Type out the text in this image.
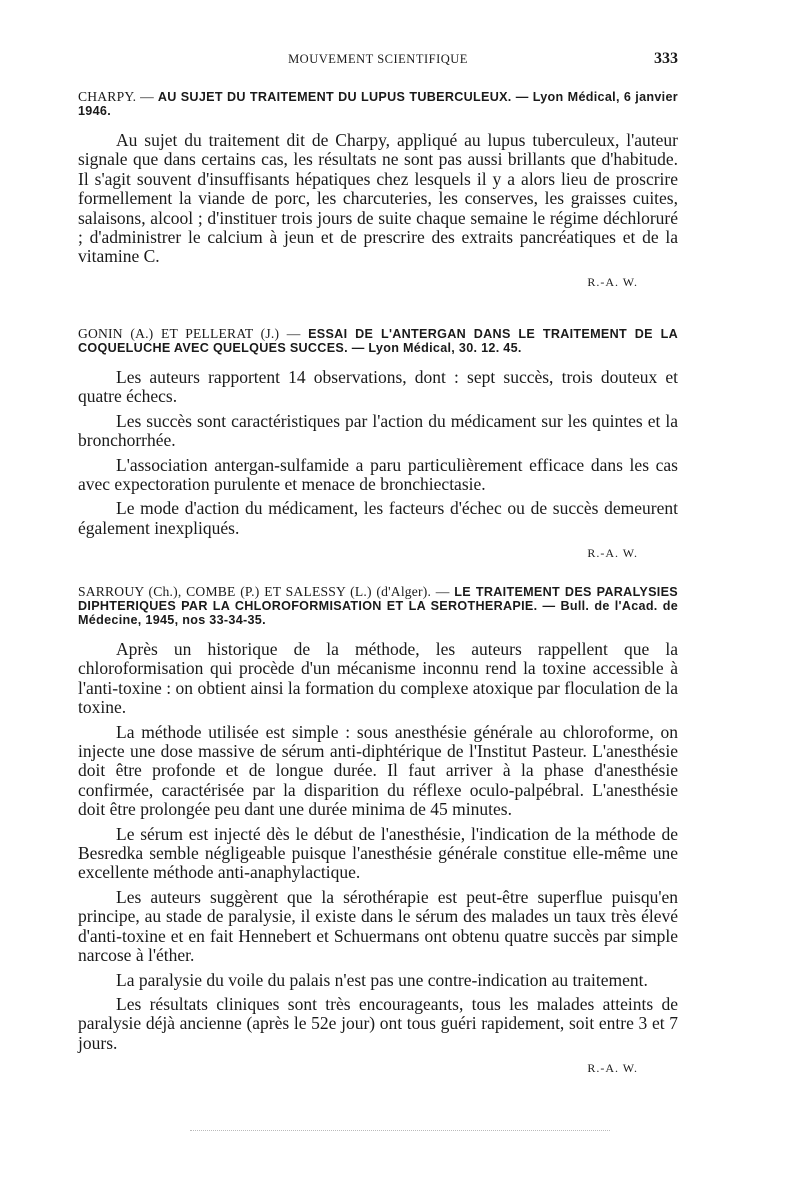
MOUVEMENT SCIENTIFIQUE	333
CHARPY. — AU SUJET DU TRAITEMENT DU LUPUS TUBERCULEUX. — Lyon Médical, 6 janvier 1946.

Au sujet du traitement dit de Charpy, appliqué au lupus tuberculeux, l'auteur signale que dans certains cas, les résultats ne sont pas aussi brillants que d'habitude. Il s'agit souvent d'insuffisants hépatiques chez lesquels il y a alors lieu de proscrire formellement la viande de porc, les charcuteries, les conserves, les graisses cuites, salaisons, alcool ; d'instituer trois jours de suite chaque semaine le régime déchloruré ; d'administrer le calcium à jeun et de prescrire des extraits pancréatiques et de la vitamine C.

R.-A. W.
GONIN (A.) ET PELLERAT (J.) — ESSAI DE L'ANTERGAN DANS LE TRAITEMENT DE LA COQUELUCHE AVEC QUELQUES SUCCES. — Lyon Médical, 30. 12. 45.

Les auteurs rapportent 14 observations, dont : sept succès, trois douteux et quatre échecs.

Les succès sont caractéristiques par l'action du médicament sur les quintes et la bronchorrhée.

L'association antergan-sulfamide a paru particulièrement efficace dans les cas avec expectoration purulente et menace de bronchiectasie.

Le mode d'action du médicament, les facteurs d'échec ou de succès demeurent également inexpliqués.

R.-A. W.
SARROUY (Ch.), COMBE (P.) ET SALESSY (L.) (d'Alger). — LE TRAITEMENT DES PARALYSIES DIPHTERIQUES PAR LA CHLOROFORMISATION ET LA SEROTHERAPIE. — Bull. de l'Acad. de Médecine, 1945, nos 33-34-35.

Après un historique de la méthode, les auteurs rappellent que la chloroformisation qui procède d'un mécanisme inconnu rend la toxine accessible à l'anti-toxine : on obtient ainsi la formation du complexe atoxique par floculation de la toxine.

La méthode utilisée est simple : sous anesthésie générale au chloroforme, on injecte une dose massive de sérum anti-diphtérique de l'Institut Pasteur. L'anesthésie doit être profonde et de longue durée. Il faut arriver à la phase d'anesthésie confirmée, caractérisée par la disparition du réflexe oculo-palpébral. L'anesthésie doit être prolongée peu dant une durée minima de 45 minutes.

Le sérum est injecté dès le début de l'anesthésie, l'indication de la méthode de Besredka semble négligeable puisque l'anesthésie générale constitue elle-même une excellente méthode anti-anaphylactique.

Les auteurs suggèrent que la sérothérapie est peut-être superflue puisqu'en principe, au stade de paralysie, il existe dans le sérum des malades un taux très élevé d'anti-toxine et en fait Hennebert et Schuermans ont obtenu quatre succès par simple narcose à l'éther.

La paralysie du voile du palais n'est pas une contre-indication au traitement.

Les résultats cliniques sont très encourageants, tous les malades atteints de paralysie déjà ancienne (après le 52e jour) ont tous guéri rapidement, soit entre 3 et 7 jours.

R.-A. W.
